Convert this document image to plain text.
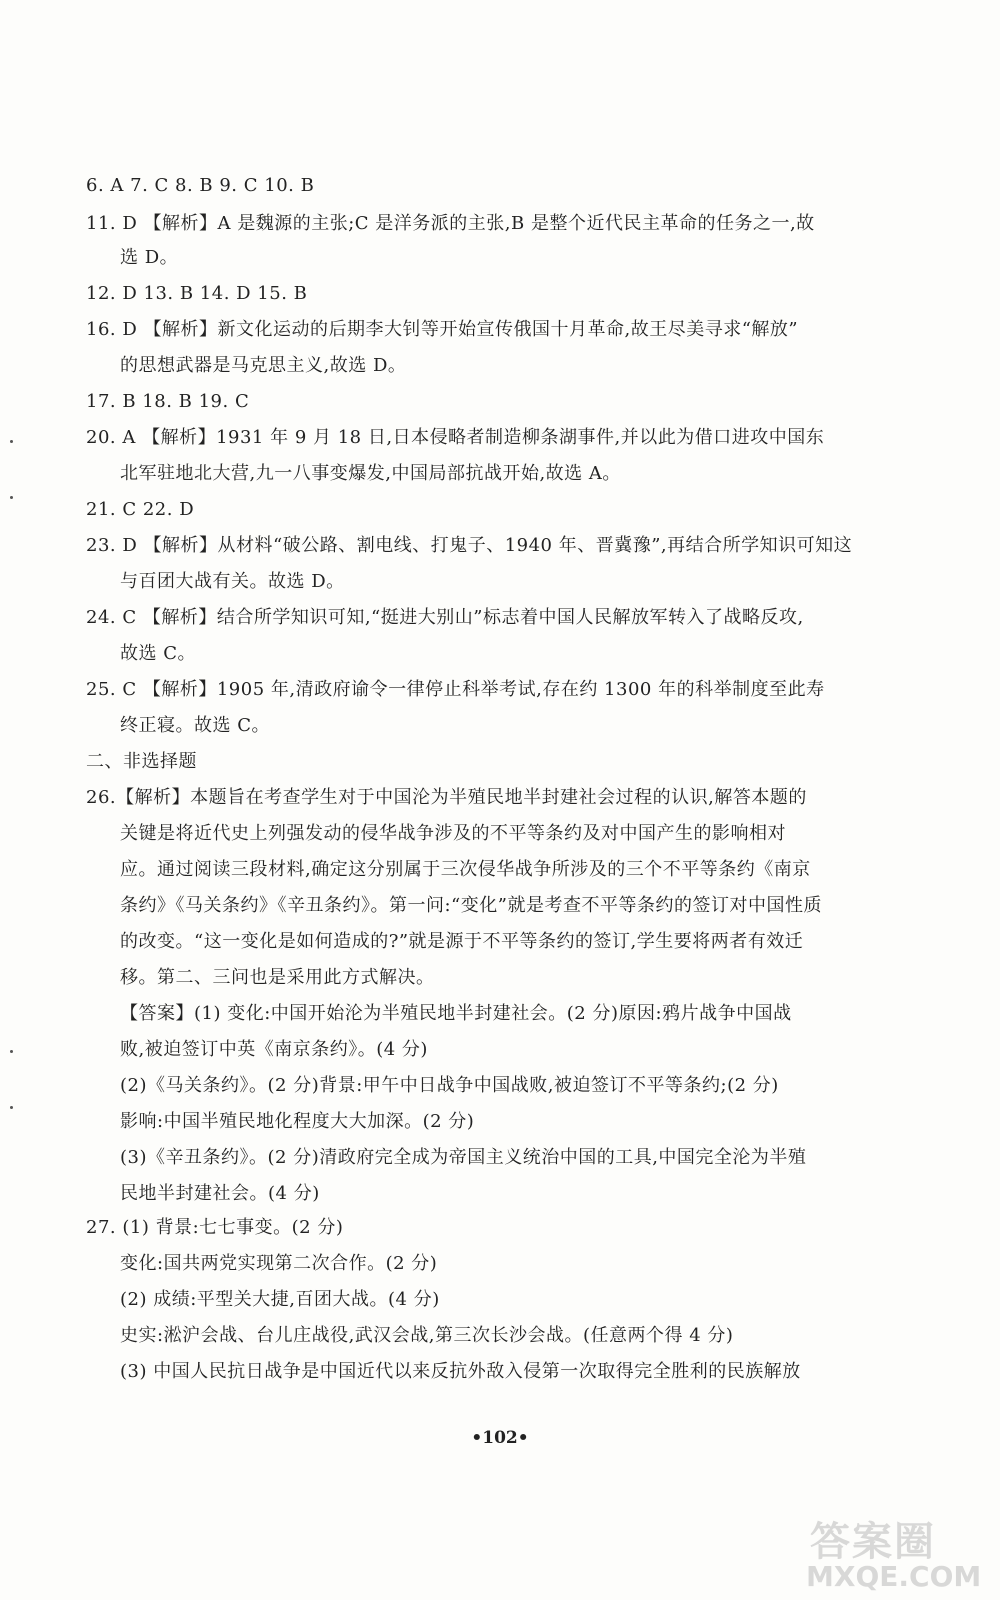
6. A 7. C 8. B 9. C 10. B
11. D 【解析】A 是魏源的主张;C 是洋务派的主张,B 是整个近代民主革命的任务之一,故
选 D。
12. D 13. B 14. D 15. B
16. D 【解析】新文化运动的后期李大钊等开始宣传俄国十月革命,故王尽美寻求“解放”
的思想武器是马克思主义,故选 D。
17. B 18. B 19. C
20. A 【解析】1931 年 9 月 18 日,日本侵略者制造柳条湖事件,并以此为借口进攻中国东
北军驻地北大营,九一八事变爆发,中国局部抗战开始,故选 A。
21. C 22. D
23. D 【解析】从材料“破公路、割电线、打鬼子、1940 年、晋冀豫”,再结合所学知识可知这
与百团大战有关。故选 D。
24. C 【解析】结合所学知识可知,“挺进大别山”标志着中国人民解放军转入了战略反攻,
故选 C。
25. C 【解析】1905 年,清政府谕令一律停止科举考试,存在约 1300 年的科举制度至此寿
终正寝。故选 C。
二、非选择题
26.【解析】本题旨在考查学生对于中国沦为半殖民地半封建社会过程的认识,解答本题的
关键是将近代史上列强发动的侵华战争涉及的不平等条约及对中国产生的影响相对
应。通过阅读三段材料,确定这分别属于三次侵华战争所涉及的三个不平等条约《南京
条约》《马关条约》《辛丑条约》。第一问:“变化”就是考查不平等条约的签订对中国性质
的改变。“这一变化是如何造成的?”就是源于不平等条约的签订,学生要将两者有效迁
移。第二、三问也是采用此方式解决。
【答案】(1) 变化:中国开始沦为半殖民地半封建社会。(2 分)原因:鸦片战争中国战
败,被迫签订中英《南京条约》。(4 分)
(2)《马关条约》。(2 分)背景:甲午中日战争中国战败,被迫签订不平等条约;(2 分)
影响:中国半殖民地化程度大大加深。(2 分)
(3)《辛丑条约》。(2 分)清政府完全成为帝国主义统治中国的工具,中国完全沦为半殖
民地半封建社会。(4 分)
27. (1) 背景:七七事变。(2 分)
变化:国共两党实现第二次合作。(2 分)
(2) 成绩:平型关大捷,百团大战。(4 分)
史实:淞沪会战、台儿庄战役,武汉会战,第三次长沙会战。(任意两个得 4 分)
(3) 中国人民抗日战争是中国近代以来反抗外敌入侵第一次取得完全胜利的民族解放
•102•
答案圈
MXQE.COM
